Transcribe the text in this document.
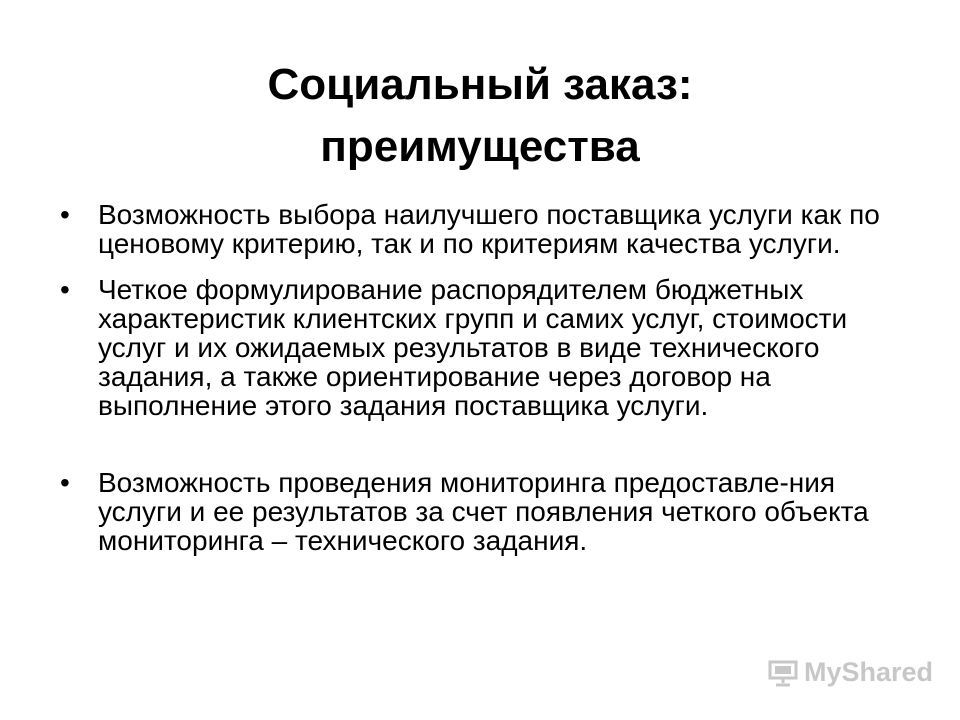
Социальный заказ:
преимущества
• Возможность выбора наилучшего поставщика услуги как по ценовому критерию, так и по критериям качества услуги.
• Четкое формулирование распорядителем бюджетных характеристик клиентских групп и самих услуг, стоимости услуг и их ожидаемых результатов в виде технического задания, а также ориентирование через договор на выполнение этого задания поставщика услуги.
• Возможность проведения мониторинга предоставле-ния услуги и ее результатов за счет появления четкого объекта мониторинга – технического задания.
MyShared
